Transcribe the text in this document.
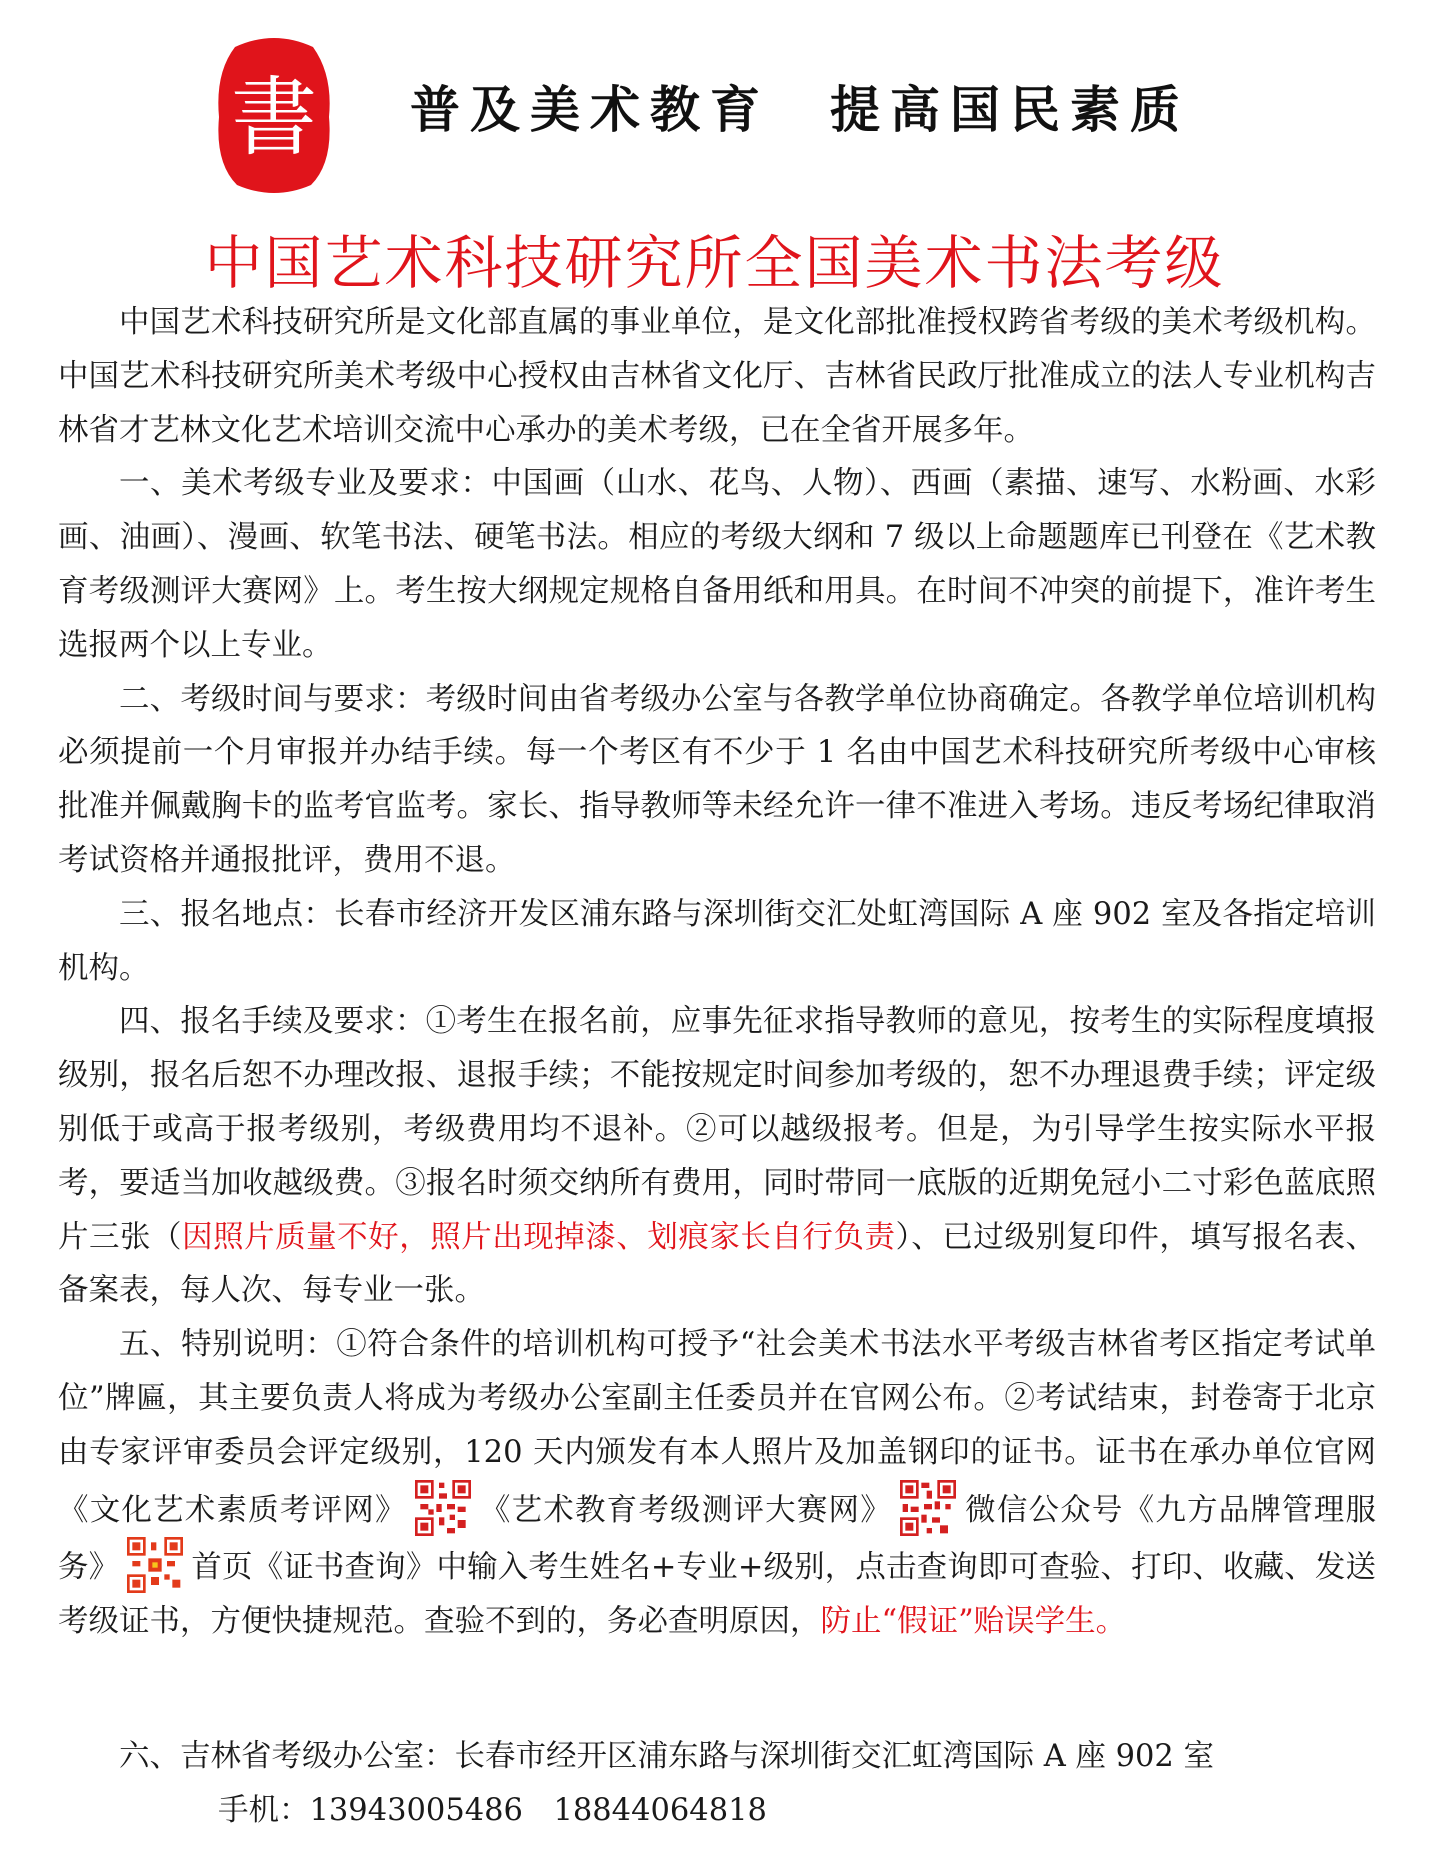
書 普及美术教育 提高国民素质
中国艺术科技研究所全国美术书法考级

中国艺术科技研究所是文化部直属的事业单位，是文化部批准授权跨省考级的美术考级机构。中国艺术科技研究所美术考级中心授权由吉林省文化厅、吉林省民政厅批准成立的法人专业机构吉林省才艺林文化艺术培训交流中心承办的美术考级，已在全省开展多年。

一、美术考级专业及要求：中国画（山水、花鸟、人物）、西画（素描、速写、水粉画、水彩画、油画）、漫画、软笔书法、硬笔书法。相应的考级大纲和 7 级以上命题题库已刊登在《艺术教育考级测评大赛网》上。考生按大纲规定规格自备用纸和用具。在时间不冲突的前提下，准许考生选报两个以上专业。

二、考级时间与要求：考级时间由省考级办公室与各教学单位协商确定。各教学单位培训机构必须提前一个月审报并办结手续。每一个考区有不少于 1 名由中国艺术科技研究所考级中心审核批准并佩戴胸卡的监考官监考。家长、指导教师等未经允许一律不准进入考场。违反考场纪律取消考试资格并通报批评，费用不退。

三、报名地点：长春市经济开发区浦东路与深圳街交汇处虹湾国际 A 座 902 室及各指定培训机构。

四、报名手续及要求：①考生在报名前，应事先征求指导教师的意见，按考生的实际程度填报级别，报名后恕不办理改报、退报手续；不能按规定时间参加考级的，恕不办理退费手续；评定级别低于或高于报考级别，考级费用均不退补。②可以越级报考。但是，为引导学生按实际水平报考，要适当加收越级费。③报名时须交纳所有费用，同时带同一底版的近期免冠小二寸彩色蓝底照片三张（因照片质量不好，照片出现掉漆、划痕家长自行负责）、已过级别复印件，填写报名表、备案表，每人次、每专业一张。

五、特别说明：①符合条件的培训机构可授予“社会美术书法水平考级吉林省考区指定考试单位”牌匾，其主要负责人将成为考级办公室副主任委员并在官网公布。②考试结束，封卷寄于北京由专家评审委员会评定级别，120 天内颁发有本人照片及加盖钢印的证书。证书在承办单位官网《文化艺术素质考评网》 《艺术教育考级测评大赛网》 微信公众号《九方品牌管理服务》 首页《证书查询》中输入考生姓名+专业+级别，点击查询即可查验、打印、收藏、发送考级证书，方便快捷规范。查验不到的，务必查明原因，防止“假证”贻误学生。

六、吉林省考级办公室：长春市经开区浦东路与深圳街交汇虹湾国际 A 座 902 室

手机：13943005486　18844064818
